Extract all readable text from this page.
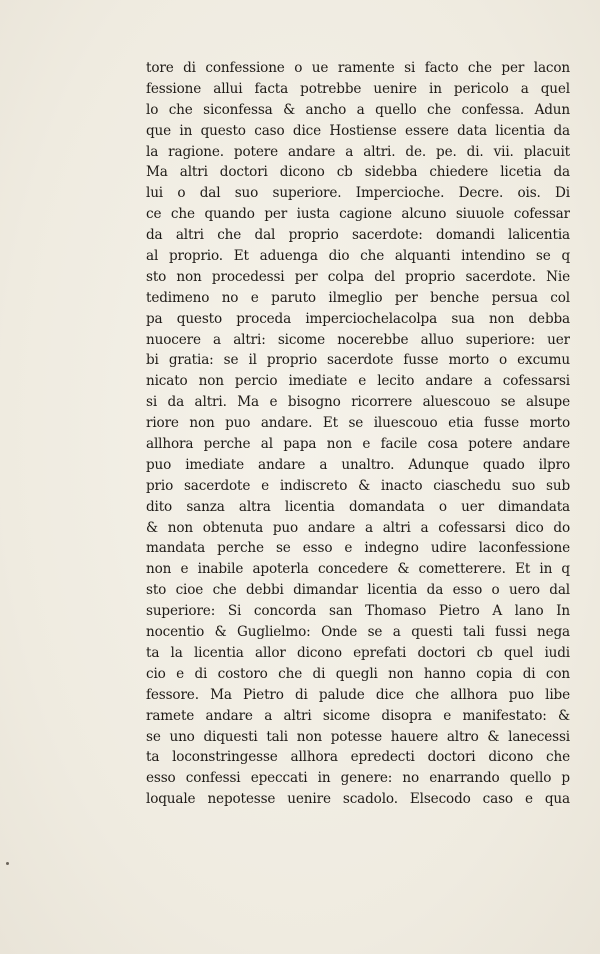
tore di confessione o ue ramente si facto che per lacon
fessione allui facta potrebbe uenire in pericolo a quel
lo che siconfessa & ancho a quello che confessa. Adun
que in questo caso dice Hostiense essere data licentia da
la ragione. potere andare a altri. de. pe. di. vii. placuit
Ma altri doctori dicono cb sidebba chiedere licetia da
lui o dal suo superiore. Impercioche. Decre. ois. Di
ce che quando per iusta cagione alcuno siuuole cofessar
da altri che dal proprio sacerdote: domandi lalicentia
al proprio. Et aduenga dio che alquanti intendino se q
sto non procedessi per colpa del proprio sacerdote. Nie
tedimeno no e paruto ilmeglio per benche persua col
pa questo proceda imperciochelacolpa sua non debba
nuocere a altri: sicome nocerebbe alluo superiore: uer
bi gratia: se il proprio sacerdote fusse morto o excumu
nicato non percio imediate e lecito andare a cofessarsi
si da altri. Ma e bisogno ricorrere aluescouo se alsupe
riore non puo andare. Et se iluescouo etia fusse morto
allhora perche al papa non e facile cosa potere andare
puo imediate andare a unaltro. Adunque quado ilpro
prio sacerdote e indiscreto & inacto ciaschedu suo sub
dito sanza altra licentia domandata o uer dimandata
& non obtenuta puo andare a altri a cofessarsi dico do
mandata perche se esso e indegno udire laconfessione
non e inabile apoterla concedere & cometterere. Et in q
sto cioe che debbi dimandar licentia da esso o uero dal
superiore: Si concorda san Thomaso Pietro A lano In
nocentio & Guglielmo: Onde se a questi tali fussi nega
ta la licentia allor dicono eprefati doctori cb quel iudi
cio e di costoro che di quegli non hanno copia di con
fessore. Ma Pietro di palude dice che allhora puo libe
ramete andare a altri sicome disopra e manifestato: &
se uno diquesti tali non potesse hauere altro & lanecessi
ta loconstringesse allhora epredecti doctori dicono che
esso confessi epeccati in genere: no enarrando quello p
loquale nepotesse uenire scadolo. Elsecodo caso e qua
